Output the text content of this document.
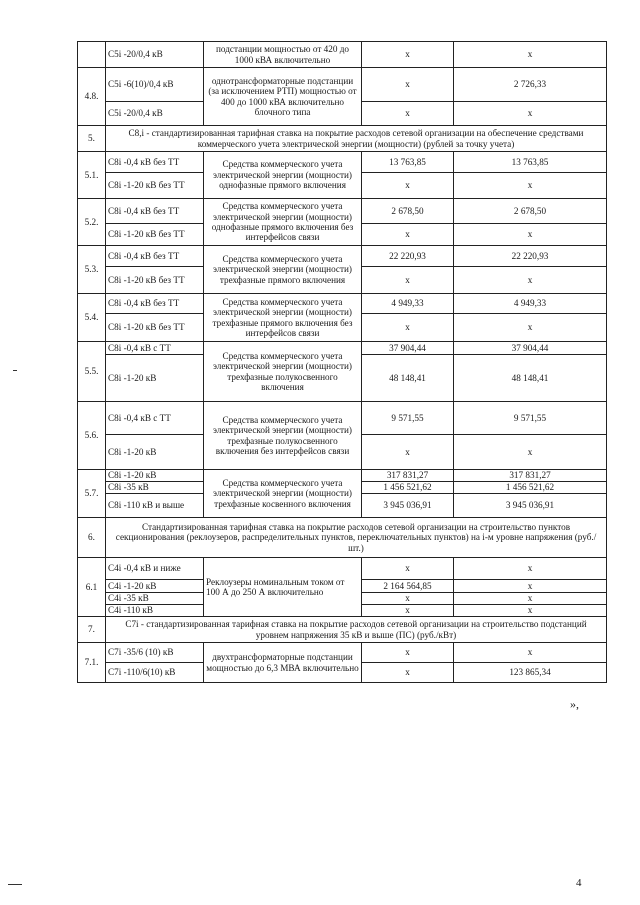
	C5i -20/0,4 кВ	подстанции мощностью от 420 до 1000 кВА включительно	x	x
4.8.	C5i -6(10)/0,4 кВ	однотрансформаторные подстанции (за исключением РТП) мощностью от 400 до 1000 кВА включительно блочного типа	x	2 726,33
	C5i -20/0,4 кВ		x	x
5.	C8,i - стандартизированная тарифная ставка на покрытие расходов сетевой организации на обеспечение средствами коммерческого учета электрической энергии (мощности) (рублей за точку учета)			
5.1.	C8i -0,4 кВ без ТТ	Средства коммерческого учета электрической энергии (мощности) однофазные прямого включения	13 763,85	13 763,85
	C8i -1-20 кВ без ТТ		x	x
5.2.	C8i -0,4 кВ без ТТ	Средства коммерческого учета электрической энергии (мощности) однофазные прямого включения без интерфейсов связи	2 678,50	2 678,50
	C8i -1-20 кВ без ТТ		x	x
5.3.	C8i -0,4 кВ без ТТ	Средства коммерческого учета электрической энергии (мощности) трехфазные прямого включения	22 220,93	22 220,93
	C8i -1-20 кВ без ТТ		x	x
5.4.	C8i -0,4 кВ без ТТ	Средства коммерческого учета электрической энергии (мощности) трехфазные прямого включения без интерфейсов связи	4 949,33	4 949,33
	C8i -1-20 кВ без ТТ		x	x
5.5.	C8i -0,4 кВ с ТТ	Средства коммерческого учета электрической энергии (мощности) трехфазные полукосвенного включения	37 904,44	37 904,44
	C8i -1-20 кВ		48 148,41	48 148,41
5.6.	C8i -0,4 кВ с ТТ	Средства коммерческого учета электрической энергии (мощности) трехфазные полукосвенного включения без интерфейсов связи	9 571,55	9 571,55
	C8i -1-20 кВ		x	x
5.7.	C8i -1-20 кВ	Средства коммерческого учета электрической энергии (мощности) трехфазные косвенного включения	317 831,27	317 831,27
	C8i -35 кВ		1 456 521,62	1 456 521,62
	C8i -110 кВ и выше		3 945 036,91	3 945 036,91
6.	Стандартизированная тарифная ставка на покрытие расходов сетевой организации на строительство пунктов секционирования (реклоузеров, распределительных пунктов, переключательных пунктов) на i-м уровне напряжения (руб./шт.)			
6.1	C4i -0,4 кВ и ниже	Реклоузеры номинальным током от 100 А до 250 А включительно	x	x
	C4i -1-20 кВ		2 164 564,85	x
	C4i -35 кВ		x	x
	C4i -110 кВ		x	x
7.	C7i - стандартизированная тарифная ставка на покрытие расходов сетевой организации на строительство подстанций уровнем напряжения 35 кВ и выше (ПС) (руб./кВт)			
7.1.	C7i -35/6 (10) кВ	двухтрансформаторные подстанции мощностью до 6,3 МВА включительно	x	x
	C7i -110/6(10) кВ		x	123 865,34
»,
4
